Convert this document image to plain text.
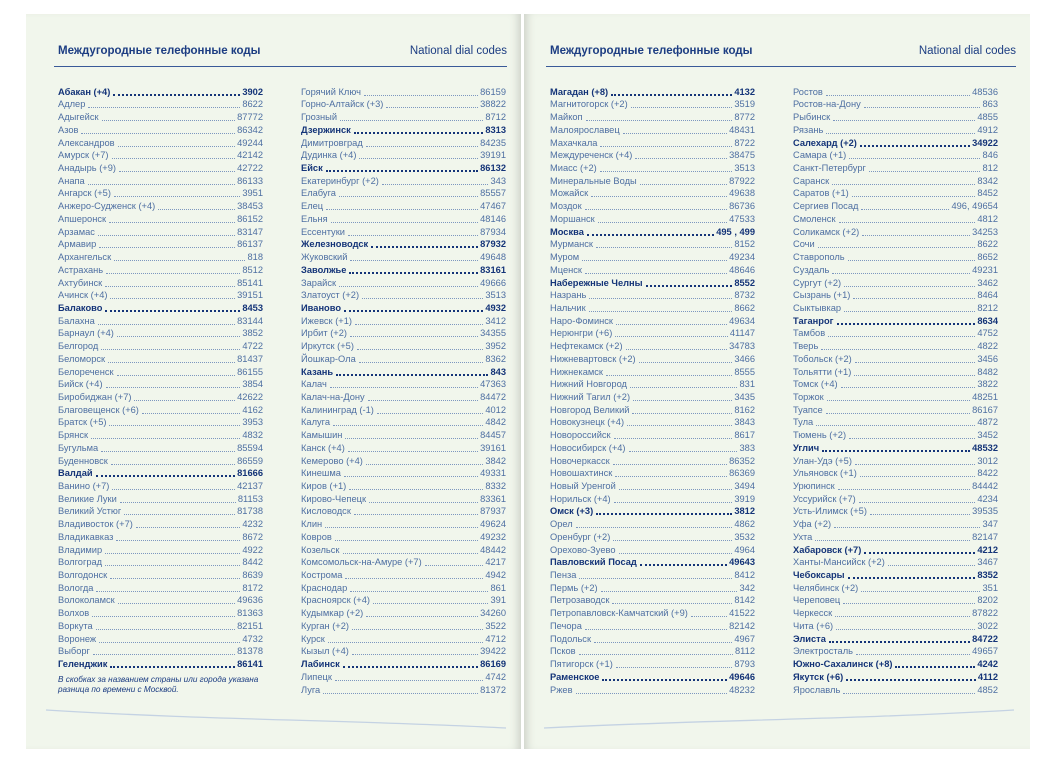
Междугородные телефонные коды	National dial codes
Абакан (+4)	3902
Адлер	8622
Адыгейск	87772
Азов	86342
Александров	49244
Амурск (+7)	42142
Анадырь (+9)	42722
Анапа	86133
Ангарск (+5)	3951
Анжеро-Судженск (+4)	38453
Апшеронск	86152
Арзамас	83147
Армавир	86137
Архангельск	818
Астрахань	8512
Ахтубинск	85141
Ачинск (+4)	39151
Балаково	8453
Балахна	83144
Барнаул (+4)	3852
Белгород	4722
Беломорск	81437
Белореченск	86155
Бийск (+4)	3854
Биробиджан (+7)	42622
Благовещенск (+6)	4162
Братск (+5)	3953
Брянск	4832
Бугульма	85594
Буденновск	86559
Валдай	81666
Ванино (+7)	42137
Великие Луки	81153
Великий Устюг	81738
Владивосток (+7)	4232
Владикавказ	8672
Владимир	4922
Волгоград	8442
Волгодонск	8639
Вологда	8172
Волоколамск	49636
Волхов	81363
Воркута	82151
Воронеж	4732
Выборг	81378
Геленджик	86141
Горячий Ключ	86159
Горно-Алтайск (+3)	38822
Грозный	8712
Дзержинск	8313
Димитровград	84235
Дудинка (+4)	39191
Ейск	86132
Екатеринбург (+2)	343
Елабуга	85557
Елец	47467
Ельня	48146
Ессентуки	87934
Железноводск	87932
Жуковский	49648
Заволжье	83161
Зарайск	49666
Златоуст (+2)	3513
Иваново	4932
Ижевск (+1)	3412
Ирбит (+2)	34355
Иркутск (+5)	3952
Йошкар-Ола	8362
Казань	843
Калач	47363
Калач-на-Дону	84472
Калининград (-1)	4012
Калуга	4842
Камышин	84457
Канск (+4)	39161
Кемерово (+4)	3842
Кинешма	49331
Киров (+1)	8332
Кирово-Чепецк	83361
Кисловодск	87937
Клин	49624
Ковров	49232
Козельск	48442
Комсомольск-на-Амуре (+7)	4217
Кострома	4942
Краснодар	861
Красноярск (+4)	391
Кудымкар (+2)	34260
Курган (+2)	3522
Курск	4712
Кызыл (+4)	39422
Лабинск	86169
Липецк	4742
Луга	81372
В скобках за названием страны или города указана разница по времени с Москвой.
Междугородные телефонные коды	National dial codes
Магадан (+8)	4132
Магнитогорск (+2)	3519
Майкоп	8772
Малоярославец	48431
Махачкала	8722
Междуреченск (+4)	38475
Миасс (+2)	3513
Минеральные Воды	87922
Можайск	49638
Моздок	86736
Моршанск	47533
Москва	495 , 499
Мурманск	8152
Муром	49234
Мценск	48646
Набережные Челны	8552
Назрань	8732
Нальчик	8662
Наро-Фоминск	49634
Нерюнгри (+6)	41147
Нефтекамск (+2)	34783
Нижневартовск (+2)	3466
Нижнекамск	8555
Нижний Новгород	831
Нижний Тагил (+2)	3435
Новгород Великий	8162
Новокузнецк (+4)	3843
Новороссийск	8617
Новосибирск (+4)	383
Новочеркасск	86352
Новошахтинск	86369
Новый Уренгой	3494
Норильск (+4)	3919
Омск (+3)	3812
Орел	4862
Оренбург (+2)	3532
Орехово-Зуево	4964
Павловский Посад	49643
Пенза	8412
Пермь (+2)	342
Петрозаводск	8142
Петропавловск-Камчатский (+9)	41522
Печора	82142
Подольск	4967
Псков	8112
Пятигорск (+1)	8793
Раменское	49646
Ржев	48232
Ростов	48536
Ростов-на-Дону	863
Рыбинск	4855
Рязань	4912
Салехард (+2)	34922
Самара (+1)	846
Санкт-Петербург	812
Саранск	8342
Саратов (+1)	8452
Сергиев Посад	496, 49654
Смоленск	4812
Соликамск (+2)	34253
Сочи	8622
Ставрополь	8652
Суздаль	49231
Сургут (+2)	3462
Сызрань (+1)	8464
Сыктывкар	8212
Таганрог	8634
Тамбов	4752
Тверь	4822
Тобольск (+2)	3456
Тольятти (+1)	8482
Томск (+4)	3822
Торжок	48251
Туапсе	86167
Тула	4872
Тюмень (+2)	3452
Углич	48532
Улан-Удэ (+5)	3012
Ульяновск (+1)	8422
Урюпинск	84442
Уссурийск (+7)	4234
Усть-Илимск (+5)	39535
Уфа (+2)	347
Ухта	82147
Хабаровск (+7)	4212
Ханты-Мансийск (+2)	3467
Чебоксары	8352
Челябинск (+2)	351
Череповец	8202
Черкесск	87822
Чита (+6)	3022
Элиста	84722
Электросталь	49657
Южно-Сахалинск (+8)	4242
Якутск (+6)	4112
Ярославль	4852
